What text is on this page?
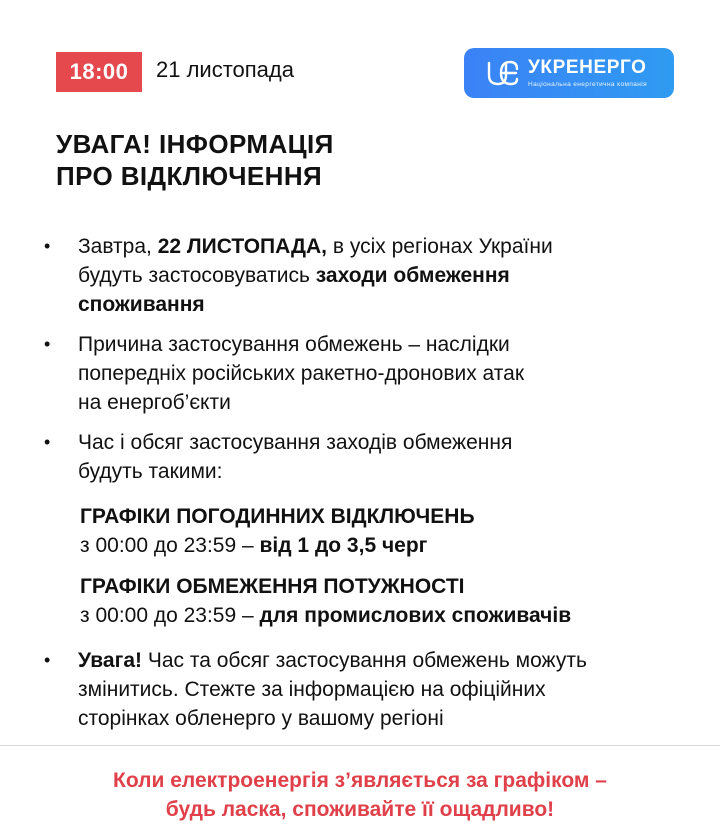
18:00 21 листопада	УКРЕНЕРГО
Національна енергетична компанія
УВАГА! ІНФОРМАЦІЯ
ПРО ВІДКЛЮЧЕННЯ
• Завтра, 22 ЛИСТОПАДА, в усіх регіонах України
будуть застосовуватись заходи обмеження
споживання
• Причина застосування обмежень – наслідки
попередніх російських ракетно-дронових атак
на енергоб’єкти
• Час і обсяг застосування заходів обмеження
будуть такими:
ГРАФІКИ ПОГОДИННИХ ВІДКЛЮЧЕНЬ
з 00:00 до 23:59 – від 1 до 3,5 черг
ГРАФІКИ ОБМЕЖЕННЯ ПОТУЖНОСТІ
з 00:00 до 23:59 – для промислових споживачів
• Увага! Час та обсяг застосування обмежень можуть
змінитись. Стежте за інформацією на офіційних
сторінках обленерго у вашому регіоні
Коли електроенергія з’являється за графіком –
будь ласка, споживайте її ощадливо!
